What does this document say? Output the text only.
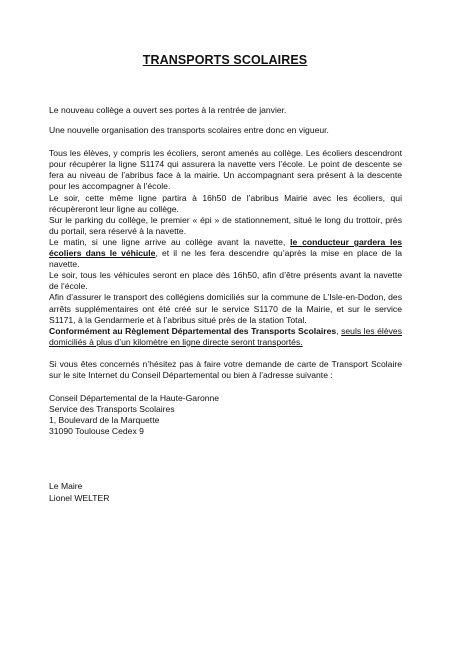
TRANSPORTS SCOLAIRES

Le nouveau collège a ouvert ses portes à la rentrée de janvier.

Une nouvelle organisation des transports scolaires entre donc en vigueur.

Tous les élèves, y compris les écoliers, seront amenés au collège. Les écoliers descendront pour récupérer la ligne S1174 qui assurera la navette vers l’école. Le point de descente se fera au niveau de l’abribus face à la mairie. Un accompagnant sera présent à la descente pour les accompagner à l’école.

Le soir, cette même ligne partira à 16h50 de l’abribus Mairie avec les écoliers, qui récupèreront leur ligne au collège.

Sur le parking du collège, le premier « épi » de stationnement, situé le long du trottoir, près du portail, sera réservé à la navette.

Le matin, si une ligne arrive au collège avant la navette, le conducteur gardera les écoliers dans le véhicule, et il ne les fera descendre qu’après la mise en place de la navette.

Le soir, tous les véhicules seront en place dès 16h50, afin d’être présents avant la navette de l’école.

Afin d’assurer le transport des collégiens domiciliés sur la commune de L’Isle-en-Dodon, des arrêts supplémentaires ont été créé sur le service S1170 de la Mairie, et sur le service S1171, à la Gendarmerie et à l’abribus situé près de la station Total.

Conformément au Règlement Départemental des Transports Scolaires, seuls les élèves domiciliés à plus d’un kilomètre en ligne directe seront transportés.

Si vous êtes concernés n’hésitez pas à faire votre demande de carte de Transport Scolaire sur le site Internet du Conseil Départemental ou bien à l’adresse suivante :

Conseil Départemental de la Haute-Garonne
Service des Transports Scolaires
1, Boulevard de la Marquette
31090 Toulouse Cedex 9
Le Maire
Lionel WELTER
